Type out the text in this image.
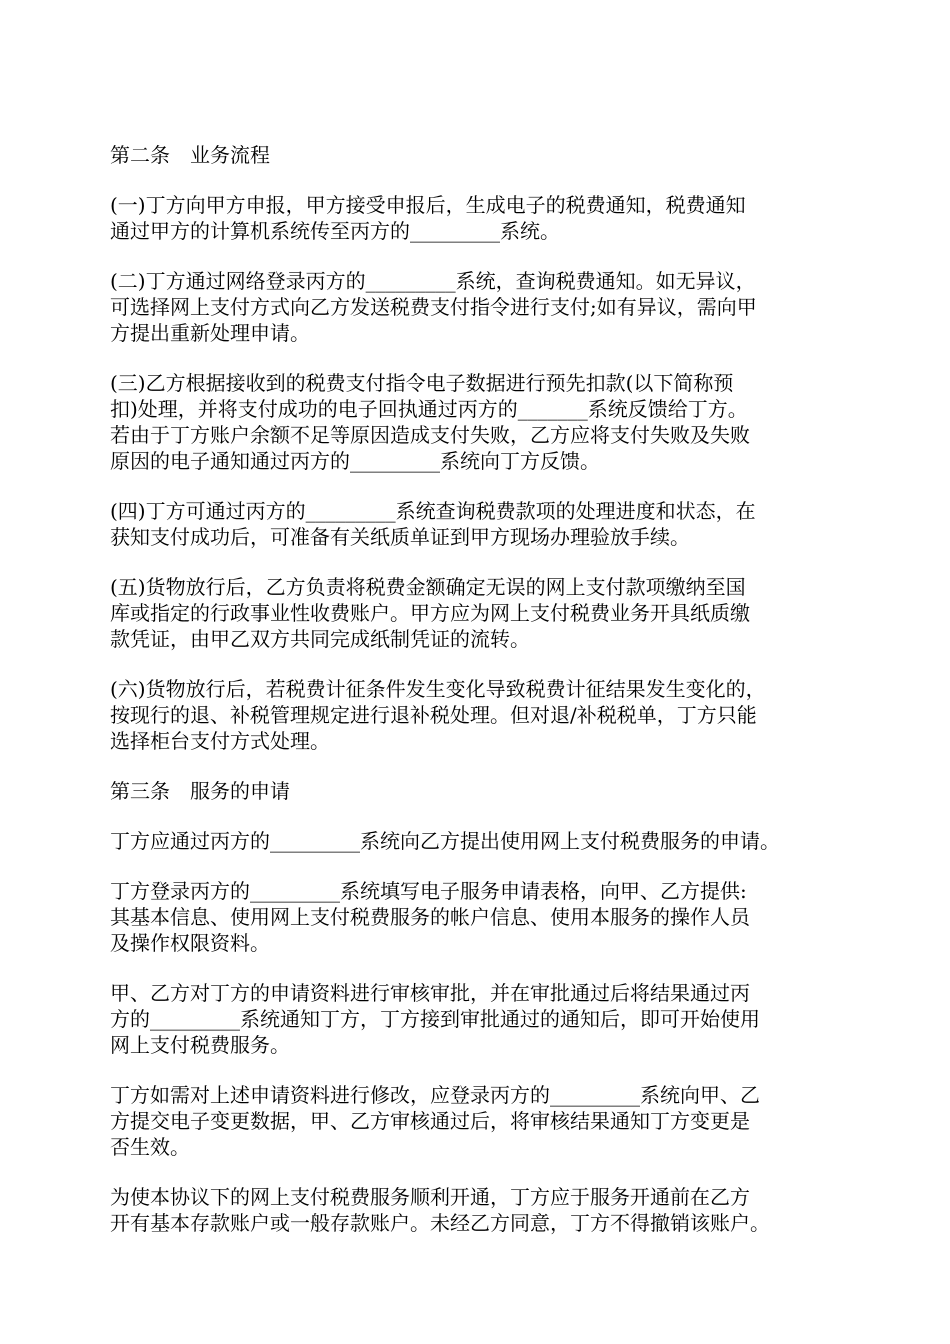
第二条　业务流程
(一)丁方向甲方申报，甲方接受申报后，生成电子的税费通知，税费通知
通过甲方的计算机系统传至丙方的_________系统。
(二)丁方通过网络登录丙方的_________系统，查询税费通知。如无异议，
可选择网上支付方式向乙方发送税费支付指令进行支付;如有异议，需向甲
方提出重新处理申请。
(三)乙方根据接收到的税费支付指令电子数据进行预先扣款(以下简称预
扣)处理，并将支付成功的电子回执通过丙方的_______系统反馈给丁方。
若由于丁方账户余额不足等原因造成支付失败，乙方应将支付失败及失败
原因的电子通知通过丙方的_________系统向丁方反馈。
(四)丁方可通过丙方的_________系统查询税费款项的处理进度和状态，在
获知支付成功后，可准备有关纸质单证到甲方现场办理验放手续。
(五)货物放行后，乙方负责将税费金额确定无误的网上支付款项缴纳至国
库或指定的行政事业性收费账户。甲方应为网上支付税费业务开具纸质缴
款凭证，由甲乙双方共同完成纸制凭证的流转。
(六)货物放行后，若税费计征条件发生变化导致税费计征结果发生变化的，
按现行的退、补税管理规定进行退补税处理。但对退/补税税单，丁方只能
选择柜台支付方式处理。
第三条　服务的申请
丁方应通过丙方的_________系统向乙方提出使用网上支付税费服务的申请。
丁方登录丙方的_________系统填写电子服务申请表格，向甲、乙方提供:
其基本信息、使用网上支付税费服务的帐户信息、使用本服务的操作人员
及操作权限资料。
甲、乙方对丁方的申请资料进行审核审批，并在审批通过后将结果通过丙
方的_________系统通知丁方，丁方接到审批通过的通知后，即可开始使用
网上支付税费服务。
丁方如需对上述申请资料进行修改，应登录丙方的_________系统向甲、乙
方提交电子变更数据，甲、乙方审核通过后，将审核结果通知丁方变更是
否生效。
为使本协议下的网上支付税费服务顺利开通，丁方应于服务开通前在乙方
开有基本存款账户或一般存款账户。未经乙方同意，丁方不得撤销该账户。
